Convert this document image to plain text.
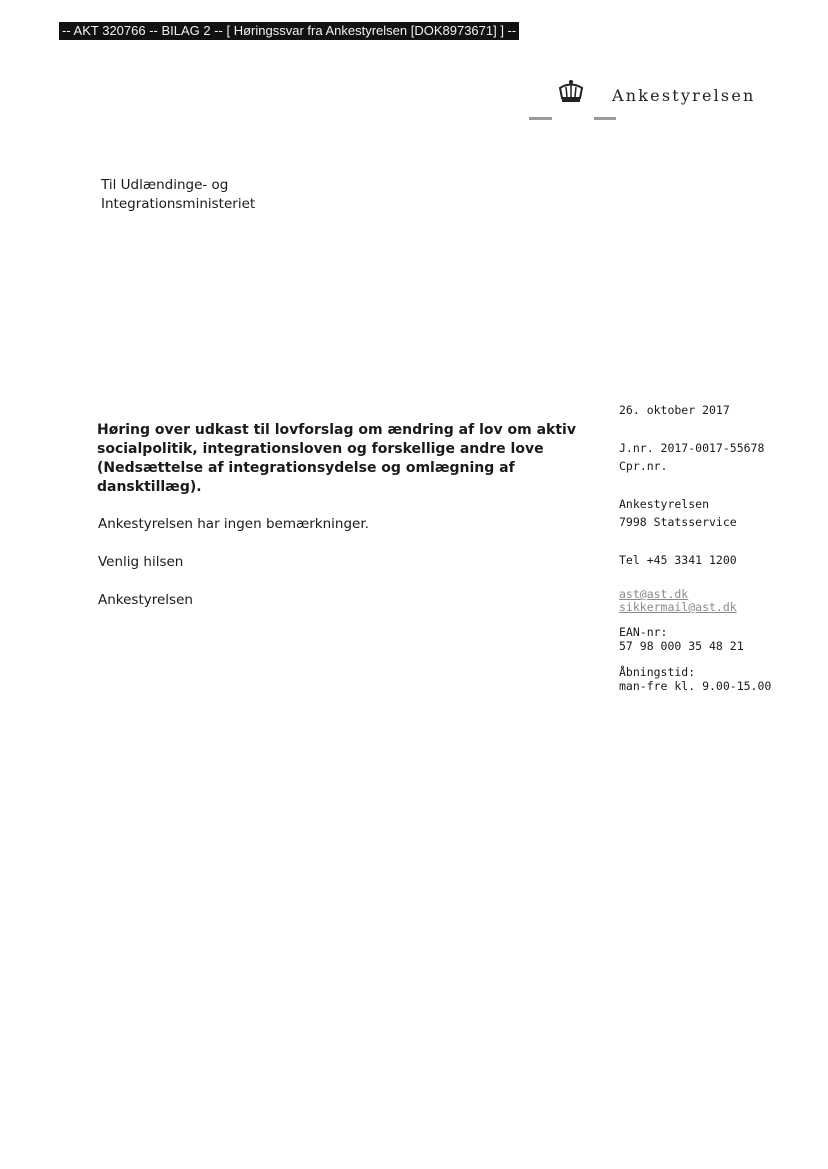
-- AKT 320766 -- BILAG 2 -- [ Høringssvar fra Ankestyrelsen [DOK8973671] ] --
Ankestyrelsen
Til Udlændinge- og
Integrationsministeriet
Høring over udkast til lovforslag om ændring af lov om aktiv
socialpolitik, integrationsloven og forskellige andre love
(Nedsættelse af integrationsydelse og omlægning af
dansktillæg).
Ankestyrelsen har ingen bemærkninger.
Venlig hilsen
Ankestyrelsen
26. oktober 2017
J.nr. 2017-0017-55678
Cpr.nr.
Ankestyrelsen
7998 Statsservice
Tel +45 3341 1200
ast@ast.dk
sikkermail@ast.dk
EAN-nr:
57 98 000 35 48 21
Åbningstid:
man-fre kl. 9.00-15.00
